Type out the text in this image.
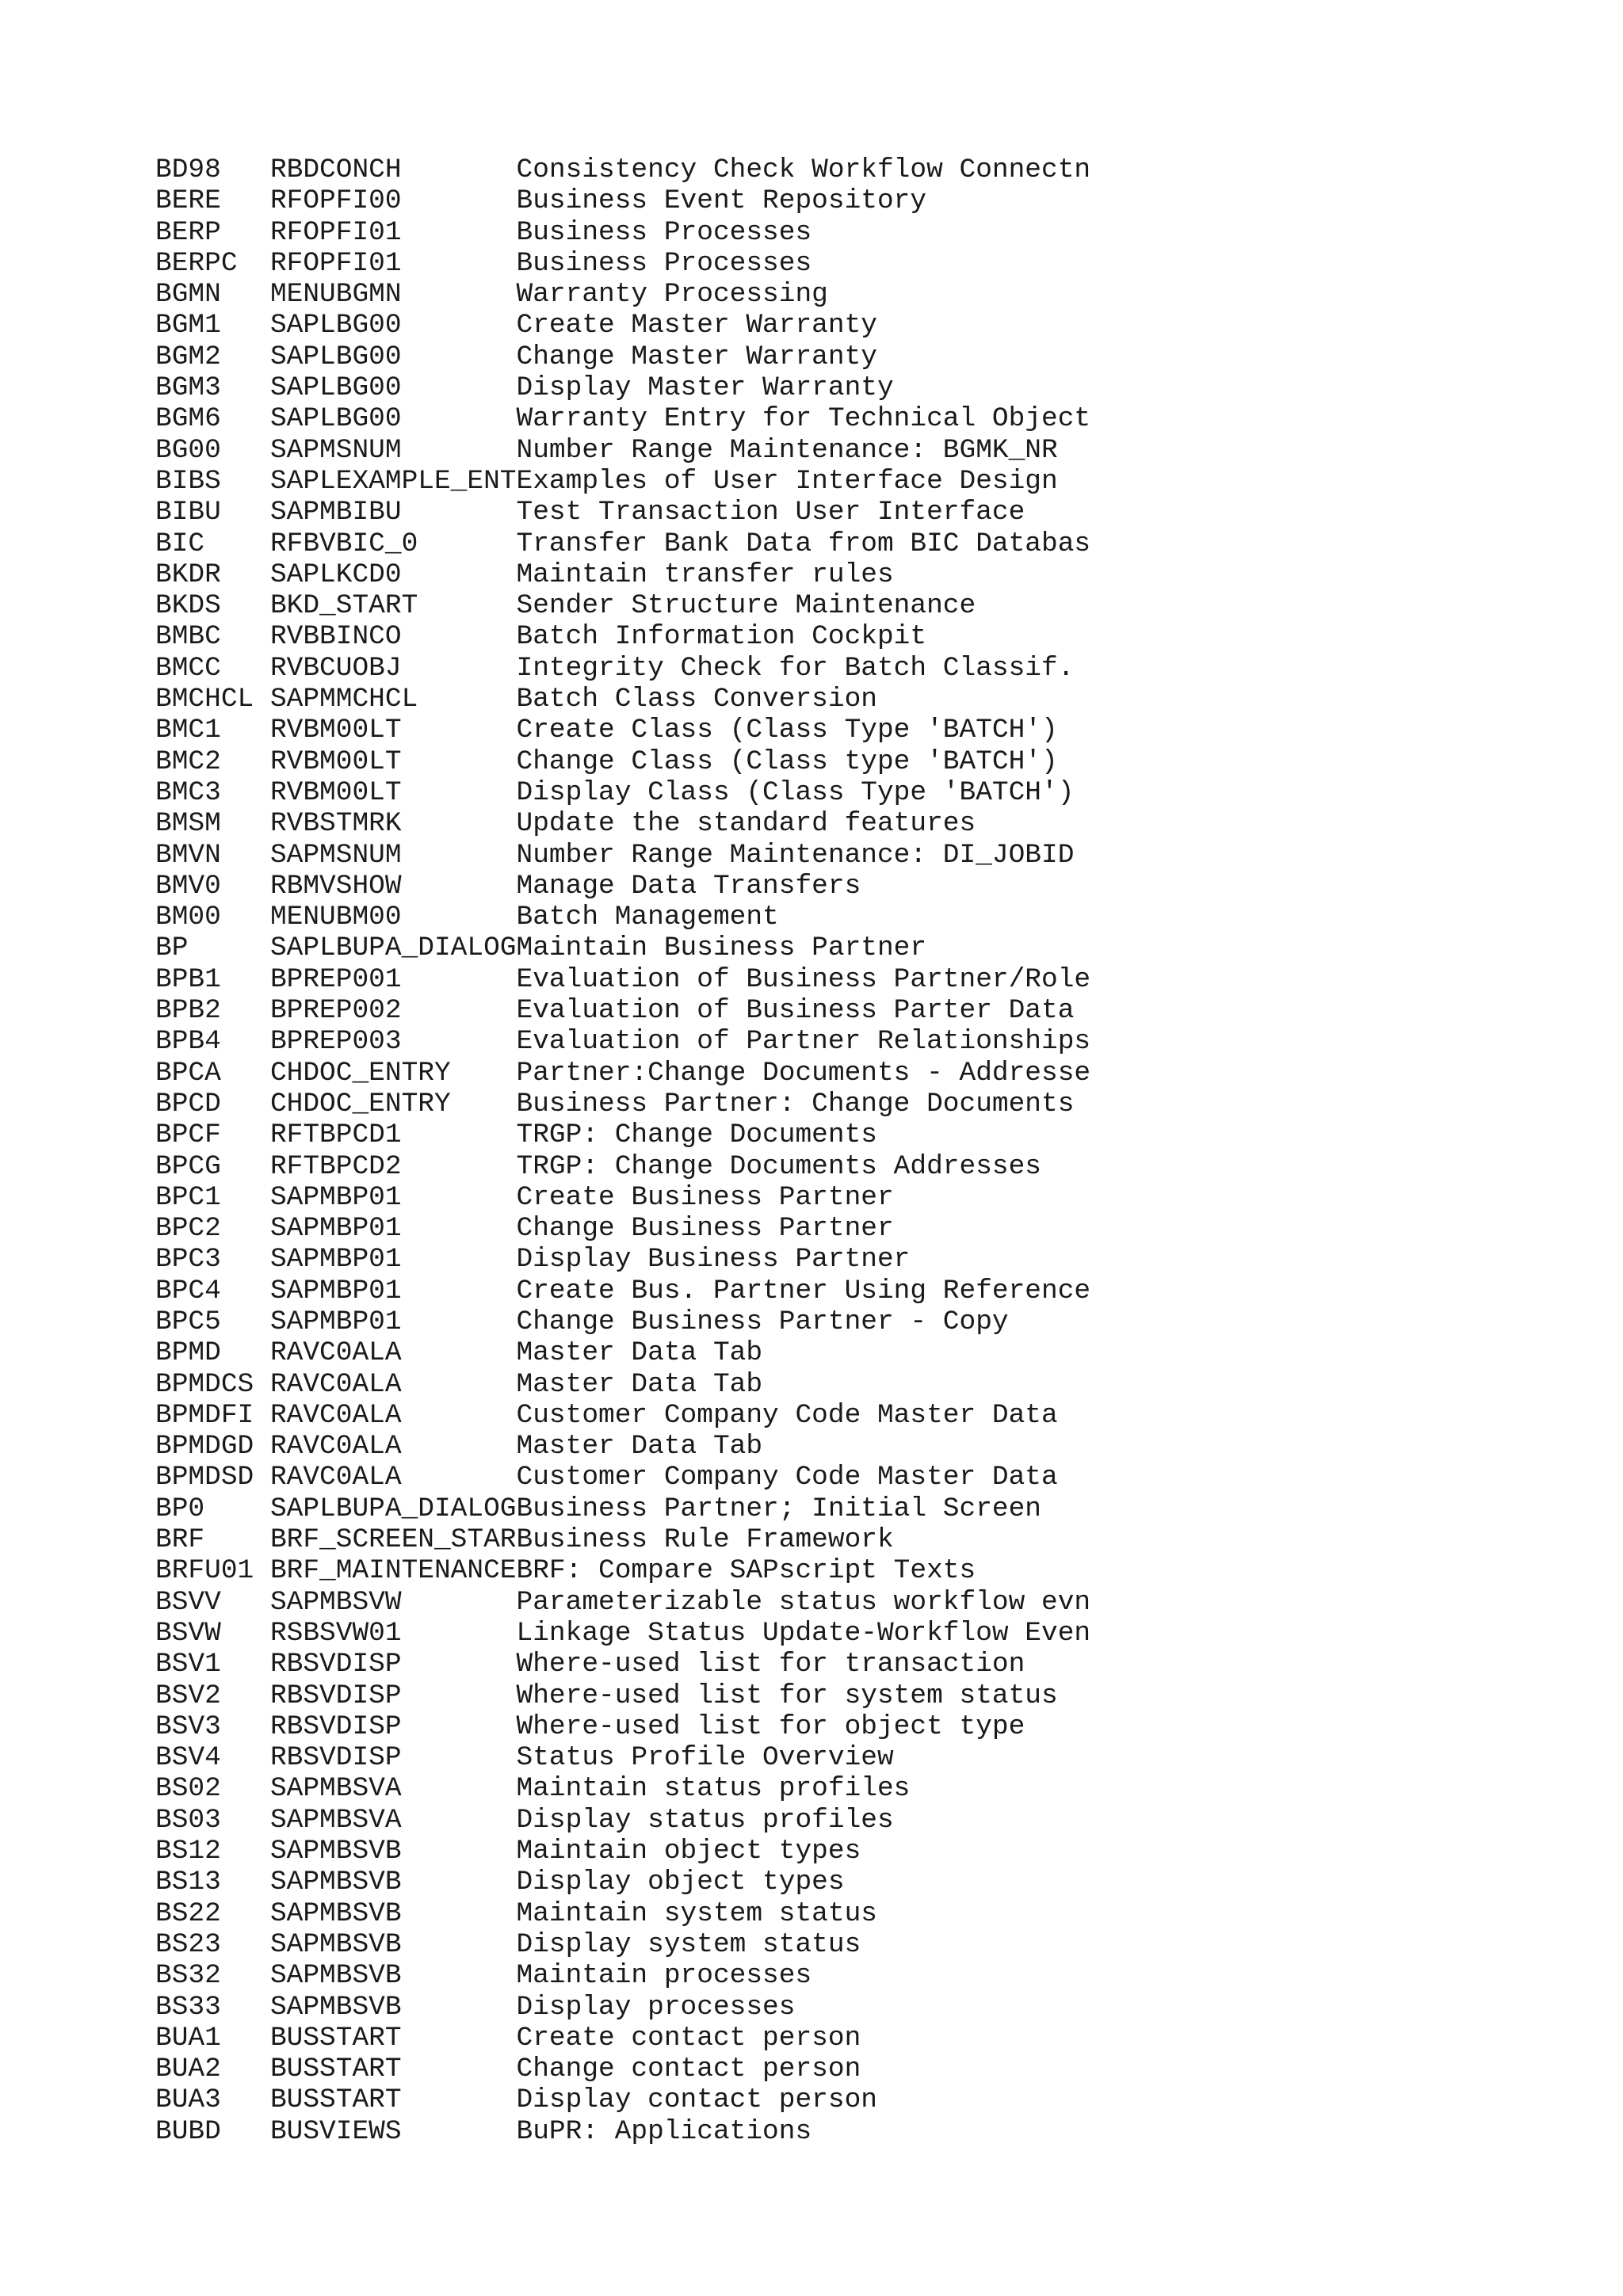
BD98   RBDCONCH       Consistency Check Workflow Connectn
BERE   RFOPFI00       Business Event Repository
BERP   RFOPFI01       Business Processes
BERPC  RFOPFI01       Business Processes
BGMN   MENUBGMN       Warranty Processing
BGM1   SAPLBG00       Create Master Warranty
BGM2   SAPLBG00       Change Master Warranty
BGM3   SAPLBG00       Display Master Warranty
BGM6   SAPLBG00       Warranty Entry for Technical Object
BG00   SAPMSNUM       Number Range Maintenance: BGMK_NR
BIBS   SAPLEXAMPLE_ENTExamples of User Interface Design
BIBU   SAPMBIBU       Test Transaction User Interface
BIC    RFBVBIC_0      Transfer Bank Data from BIC Databas
BKDR   SAPLKCD0       Maintain transfer rules
BKDS   BKD_START      Sender Structure Maintenance
BMBC   RVBBINCO       Batch Information Cockpit
BMCC   RVBCUOBJ       Integrity Check for Batch Classif.
BMCHCL SAPMMCHCL      Batch Class Conversion
BMC1   RVBM00LT       Create Class (Class Type 'BATCH')
BMC2   RVBM00LT       Change Class (Class type 'BATCH')
BMC3   RVBM00LT       Display Class (Class Type 'BATCH')
BMSM   RVBSTMRK       Update the standard features
BMVN   SAPMSNUM       Number Range Maintenance: DI_JOBID
BMV0   RBMVSHOW       Manage Data Transfers
BM00   MENUBM00       Batch Management
BP     SAPLBUPA_DIALOGMaintain Business Partner
BPB1   BPREP001       Evaluation of Business Partner/Role
BPB2   BPREP002       Evaluation of Business Parter Data
BPB4   BPREP003       Evaluation of Partner Relationships
BPCA   CHDOC_ENTRY    Partner:Change Documents - Addresse
BPCD   CHDOC_ENTRY    Business Partner: Change Documents
BPCF   RFTBPCD1       TRGP: Change Documents
BPCG   RFTBPCD2       TRGP: Change Documents Addresses
BPC1   SAPMBP01       Create Business Partner
BPC2   SAPMBP01       Change Business Partner
BPC3   SAPMBP01       Display Business Partner
BPC4   SAPMBP01       Create Bus. Partner Using Reference
BPC5   SAPMBP01       Change Business Partner - Copy
BPMD   RAVC0ALA       Master Data Tab
BPMDCS RAVC0ALA       Master Data Tab
BPMDFI RAVC0ALA       Customer Company Code Master Data
BPMDGD RAVC0ALA       Master Data Tab
BPMDSD RAVC0ALA       Customer Company Code Master Data
BP0    SAPLBUPA_DIALOGBusiness Partner; Initial Screen
BRF    BRF_SCREEN_STARBusiness Rule Framework
BRFU01 BRF_MAINTENANCEBRF: Compare SAPscript Texts
BSVV   SAPMBSVW       Parameterizable status workflow evn
BSVW   RSBSVW01       Linkage Status Update-Workflow Even
BSV1   RBSVDISP       Where-used list for transaction
BSV2   RBSVDISP       Where-used list for system status
BSV3   RBSVDISP       Where-used list for object type
BSV4   RBSVDISP       Status Profile Overview
BS02   SAPMBSVA       Maintain status profiles
BS03   SAPMBSVA       Display status profiles
BS12   SAPMBSVB       Maintain object types
BS13   SAPMBSVB       Display object types
BS22   SAPMBSVB       Maintain system status
BS23   SAPMBSVB       Display system status
BS32   SAPMBSVB       Maintain processes
BS33   SAPMBSVB       Display processes
BUA1   BUSSTART       Create contact person
BUA2   BUSSTART       Change contact person
BUA3   BUSSTART       Display contact person
BUBD   BUSVIEWS       BuPR: Applications
